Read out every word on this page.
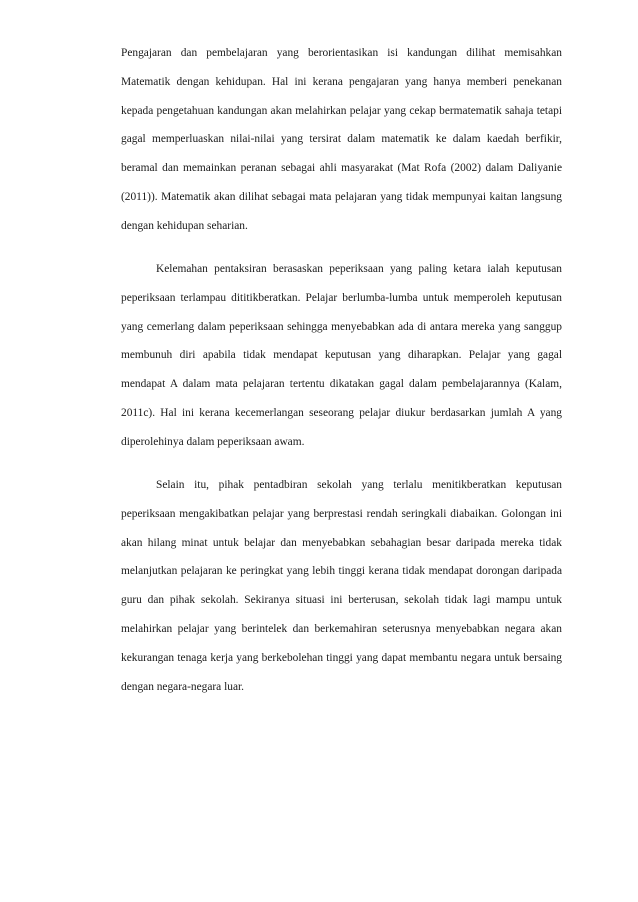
Pengajaran dan pembelajaran yang berorientasikan isi kandungan dilihat memisahkan Matematik dengan kehidupan. Hal ini kerana pengajaran yang hanya memberi penekanan kepada pengetahuan kandungan akan melahirkan pelajar yang cekap bermatematik sahaja tetapi gagal memperluaskan nilai-nilai yang tersirat dalam matematik ke dalam kaedah berfikir, beramal dan memainkan peranan sebagai ahli masyarakat (Mat Rofa (2002) dalam Daliyanie (2011)). Matematik akan dilihat sebagai mata pelajaran yang tidak mempunyai kaitan langsung dengan kehidupan seharian.

Kelemahan pentaksiran berasaskan peperiksaan yang paling ketara ialah keputusan peperiksaan terlampau dititikberatkan. Pelajar berlumba-lumba untuk memperoleh keputusan yang cemerlang dalam peperiksaan sehingga menyebabkan ada di antara mereka yang sanggup membunuh diri apabila tidak mendapat keputusan yang diharapkan. Pelajar yang gagal mendapat A dalam mata pelajaran tertentu dikatakan gagal dalam pembelajarannya (Kalam, 2011c). Hal ini kerana kecemerlangan seseorang pelajar diukur berdasarkan jumlah A yang diperolehinya dalam peperiksaan awam.

Selain itu, pihak pentadbiran sekolah yang terlalu menitikberatkan keputusan peperiksaan mengakibatkan pelajar yang berprestasi rendah seringkali diabaikan. Golongan ini akan hilang minat untuk belajar dan menyebabkan sebahagian besar daripada mereka tidak melanjutkan pelajaran ke peringkat yang lebih tinggi kerana tidak mendapat dorongan daripada guru dan pihak sekolah. Sekiranya situasi ini berterusan, sekolah tidak lagi mampu untuk melahirkan pelajar yang berintelek dan berkemahiran seterusnya menyebabkan negara akan kekurangan tenaga kerja yang berkebolehan tinggi yang dapat membantu negara untuk bersaing dengan negara-negara luar.
